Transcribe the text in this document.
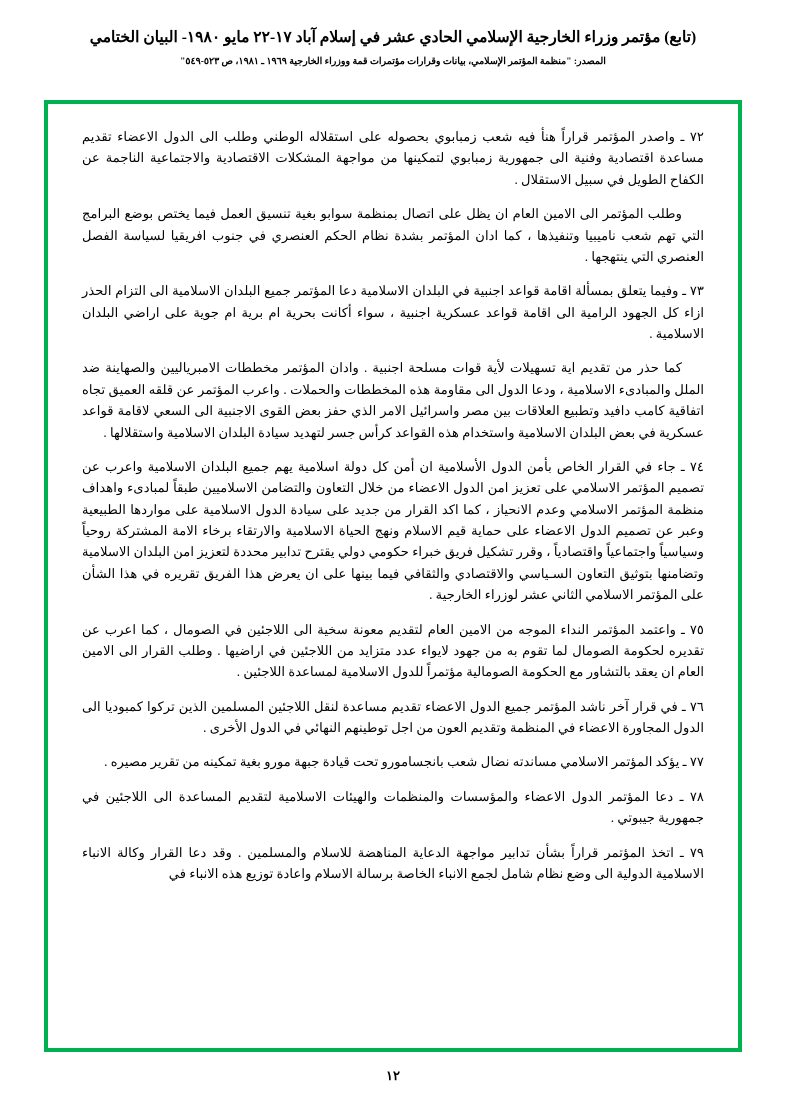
(تابع) مؤتمر وزراء الخارجية الإسلامي الحادي عشر في إسلام آباد ١٧-٢٢ مايو ١٩٨٠- البيان الختامي
المصدر: "منظمة المؤتمر الإسلامي، بيانات وقرارات مؤتمرات قمة ووزراء الخارجية ١٩٦٩ ـ ١٩٨١، ص ٥٢٣-٥٤٩"

٧٢ ـ واصدر المؤتمر قراراً هنأ فيه شعب زمبابوي بحصوله على استقلاله الوطني وطلب الى الدول الاعضاء تقديم مساعدة اقتصادية وفنية الى جمهورية زمبابوي لتمكينها من مواجهة المشكلات الاقتصادية والاجتماعية الناجمة عن الكفاح الطويل في سبيل الاستقلال .

وطلب المؤتمر الى الامين العام ان يظل على اتصال بمنظمة سوابو بغية تنسيق العمل فيما يختص بوضع البرامج التي تهم شعب ناميبيا وتنفيذها ، كما ادان المؤتمر بشدة نظام الحكم العنصري في جنوب افريقيا لسياسة الفصل العنصري التي ينتهجها .

٧٣ ـ وفيما يتعلق بمسألة اقامة قواعد اجنبية في البلدان الاسلامية دعا المؤتمر جميع البلدان الاسلامية الى التزام الحذر ازاء كل الجهود الرامية الى اقامة قواعد عسكرية اجنبية ، سواء أكانت بحرية ام برية ام جوية على اراضي البلدان الاسلامية .

كما حذر من تقديم اية تسهيلات لأية قوات مسلحة اجنبية . وادان المؤتمر مخططات الامبرياليين والصهاينة ضد الملل والمبادىء الاسلامية ، ودعا الدول الى مقاومة هذه المخططات والحملات . واعرب المؤتمر عن قلقه العميق تجاه اتفاقية كامب دافيد وتطبيع العلاقات بين مصر واسرائيل الامر الذي حفز بعض القوى الاجنبية الى السعي لاقامة قواعد عسكرية في بعض البلدان الاسلامية واستخدام هذه القواعد كرأس جسر لتهديد سيادة البلدان الاسلامية واستقلالها .

٧٤ ـ جاء في القرار الخاص بأمن الدول الأسلامية ان أمن كل دولة اسلامية يهم جميع البلدان الاسلامية واعرب عن تصميم المؤتمر الاسلامي على تعزيز امن الدول الاعضاء من خلال التعاون والتضامن الاسلاميين طبقاً لمبادىء واهداف منظمة المؤتمر الاسلامي وعدم الانحياز ، كما اكد القرار من جديد على سيادة الدول الاسلامية على مواردها الطبيعية وعبر عن تصميم الدول الاعضاء على حماية قيم الاسلام ونهج الحياة الاسلامية والارتقاء برخاء الامة المشتركة روحياً وسياسياً واجتماعياً واقتصادياً ، وقرر تشكيل فريق خبراء حكومي دولي يقترح تدابير محددة لتعزيز امن البلدان الاسلامية وتضامنها بتوثيق التعاون السـياسي والاقتصادي والثقافي فيما بينها على ان يعرض هذا الفريق تقريره في هذا الشأن على المؤتمر الاسلامي الثاني عشر لوزراء الخارجية .

٧٥ ـ واعتمد المؤتمر النداء الموجه من الامين العام لتقديم معونة سخية الى اللاجئين في الصومال ، كما اعرب عن تقديره لحكومة الصومال لما تقوم به من جهود لايواء عدد متزايد من اللاجئين في اراضيها . وطلب القرار الى الامين العام ان يعقد بالتشاور مع الحكومة الصومالية مؤتمراً للدول الاسلامية لمساعدة اللاجئين .

٧٦ ـ في قرار آخر ناشد المؤتمر جميع الدول الاعضاء تقديم مساعدة لنقل اللاجئين المسلمين الذين تركوا كمبوديا الى الدول المجاورة الاعضاء في المنظمة وتقديم العون من اجل توطينهم النهائي في الدول الأخرى .

٧٧ ـ يؤكد المؤتمر الاسلامي مساندته نضال شعب بانجسامورو تحت قيادة جبهة مورو بغية تمكينه من تقرير مصيره .

٧٨ ـ دعا المؤتمر الدول الاعضاء والمؤسسات والمنظمات والهيئات الاسلامية لتقديم المساعدة الى اللاجئين في جمهورية جيبوتي .

٧٩ ـ اتخذ المؤتمر قراراً بشأن تدابير مواجهة الدعاية المناهضة للاسلام والمسلمين . وقد دعا القرار وكالة الانباء الاسلامية الدولية الى وضع نظام شامل لجمع الانباء الخاصة برسالة الاسلام واعادة توزيع هذه الانباء في

١٢
